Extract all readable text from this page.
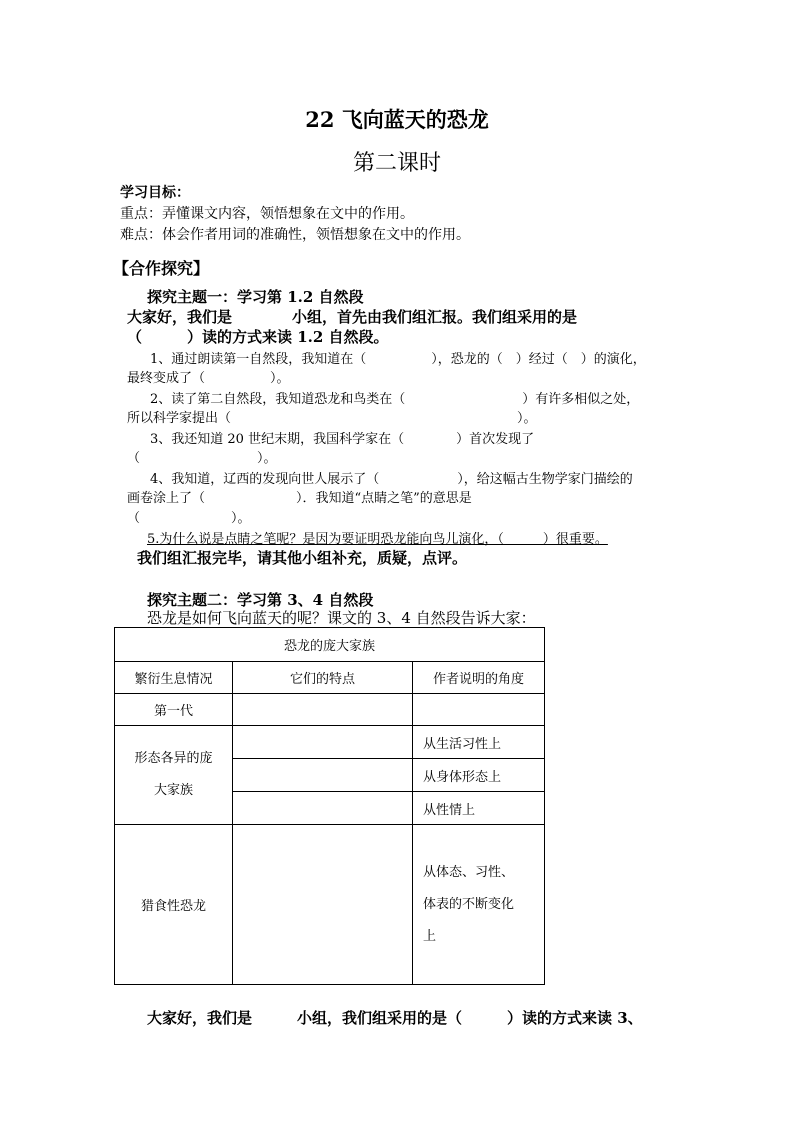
22 飞向蓝天的恐龙
第二课时
学习目标：
重点：弄懂课文内容，领悟想象在文中的作用。
难点：体会作者用词的准确性，领悟想象在文中的作用。
【合作探究】
探究主题一：学习第 1.2 自然段
大家好，我们是　　　　小组，首先由我们组汇报。我们组采用的是
（　　　）读的方式来读 1.2 自然段。
1、通过朗读第一自然段，我知道在（　　　　　），恐龙的（　）经过（　）的演化，
最终变成了（　　　　　）。
2、读了第二自然段，我知道恐龙和鸟类在（　　　　　　　　　）有许多相似之处，
所以科学家提出（　　　　　　　　　　　　　　　　　　　　　　）。
3、我还知道 20 世纪末期，我国科学家在（　　　　）首次发现了
（　　　　　　　　　）。
4、我知道，辽西的发现向世人展示了（　　　　　　），给这幅古生物学家门描绘的
画卷涂上了（　　　　　　　）．我知道“点睛之笔”的意思是
（　　　　　　　）。
5.为什么说是点睛之笔呢？是因为要证明恐龙能向鸟儿演化，（　　　）很重要。
我们组汇报完毕，请其他小组补充，质疑，点评。
探究主题二：学习第 3、4 自然段
恐龙是如何飞向蓝天的呢？课文的 3、4 自然段告诉大家：
恐龙的庞大家族		
繁衍生息情况	它们的特点	作者说明的角度
第一代		

形态各异的庞
大家族		从生活习性上
		从身体形态上
		从性情上
猎食性恐龙		从体态、习性、
体表的不断变化
上
大家好，我们是　　　小组，我们组采用的是（　　　）读的方式来读 3、
